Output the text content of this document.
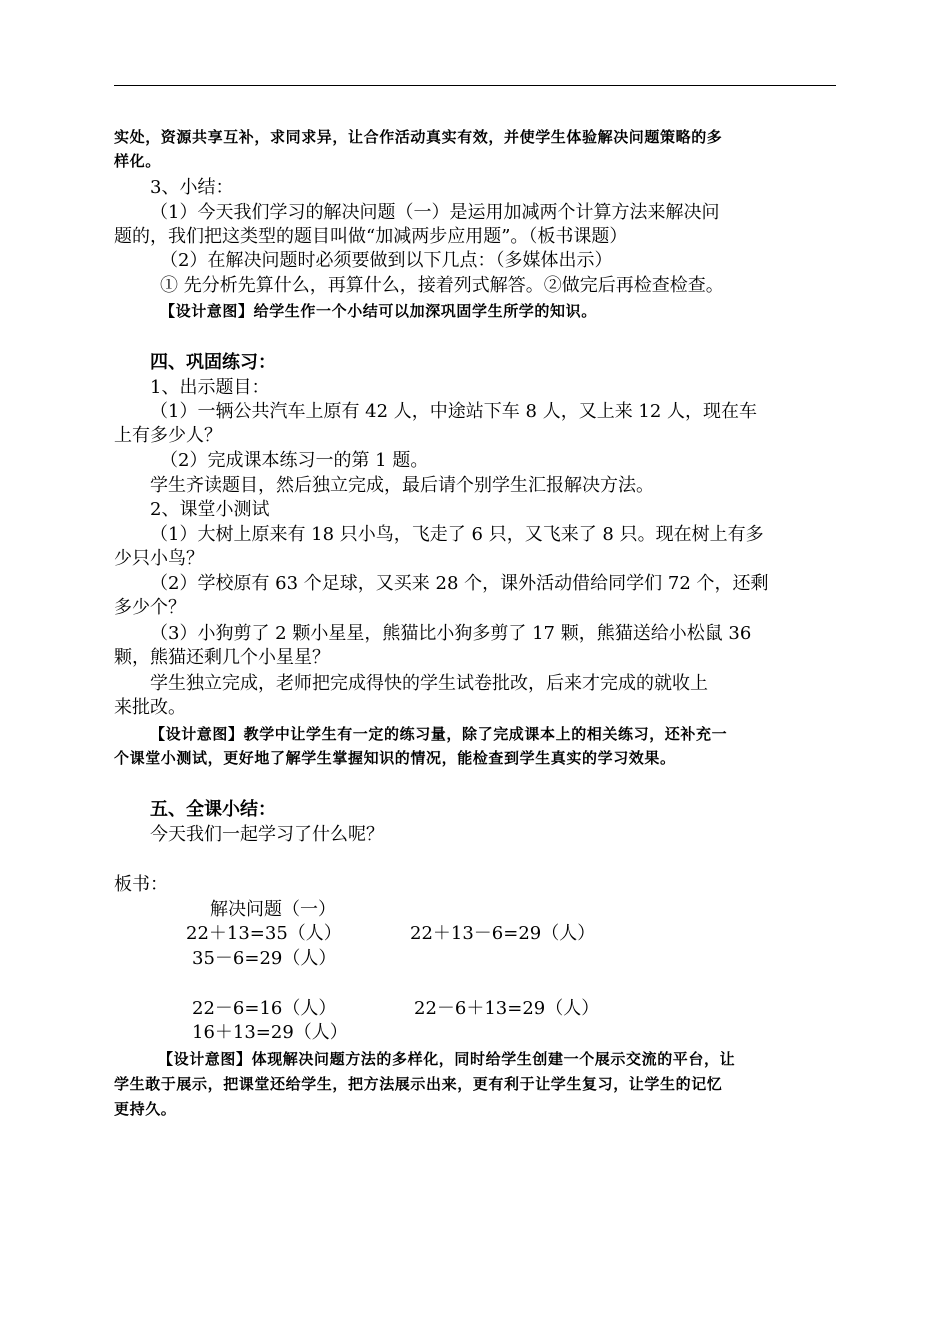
实处，资源共享互补，求同求异，让合作活动真实有效，并使学生体验解决问题策略的多
样化。
3、小结：
（1）今天我们学习的解决问题（一）是运用加减两个计算方法来解决问
题的，我们把这类型的题目叫做“加减两步应用题”。（板书课题）
（2）在解决问题时必须要做到以下几点：（多媒体出示）
① 先分析先算什么，再算什么，接着列式解答。②做完后再检查检查。
【设计意图】给学生作一个小结可以加深巩固学生所学的知识。
四、巩固练习：
1、出示题目：
（1）一辆公共汽车上原有 42 人，中途站下车 8 人，又上来 12 人，现在车
上有多少人？
（2）完成课本练习一的第 1 题。
学生齐读题目，然后独立完成，最后请个别学生汇报解决方法。
2、课堂小测试
（1）大树上原来有 18 只小鸟，飞走了 6 只，又飞来了 8 只。现在树上有多
少只小鸟？
（2）学校原有 63 个足球，又买来 28 个，课外活动借给同学们 72 个，还剩
多少个？
（3）小狗剪了 2 颗小星星，熊猫比小狗多剪了 17 颗，熊猫送给小松鼠 36
颗，熊猫还剩几个小星星？
学生独立完成，老师把完成得快的学生试卷批改，后来才完成的就收上
来批改。
【设计意图】教学中让学生有一定的练习量，除了完成课本上的相关练习，还补充一
个课堂小测试，更好地了解学生掌握知识的情况，能检查到学生真实的学习效果。
五、全课小结：
今天我们一起学习了什么呢？
板书：
解决问题（一）
22＋13=35（人）	22＋13－6=29（人）
35－6=29（人）
22－6=16（人）	22－6＋13=29（人）
16＋13=29（人）
【设计意图】体现解决问题方法的多样化，同时给学生创建一个展示交流的平台，让
学生敢于展示，把课堂还给学生，把方法展示出来，更有利于让学生复习，让学生的记忆
更持久。
